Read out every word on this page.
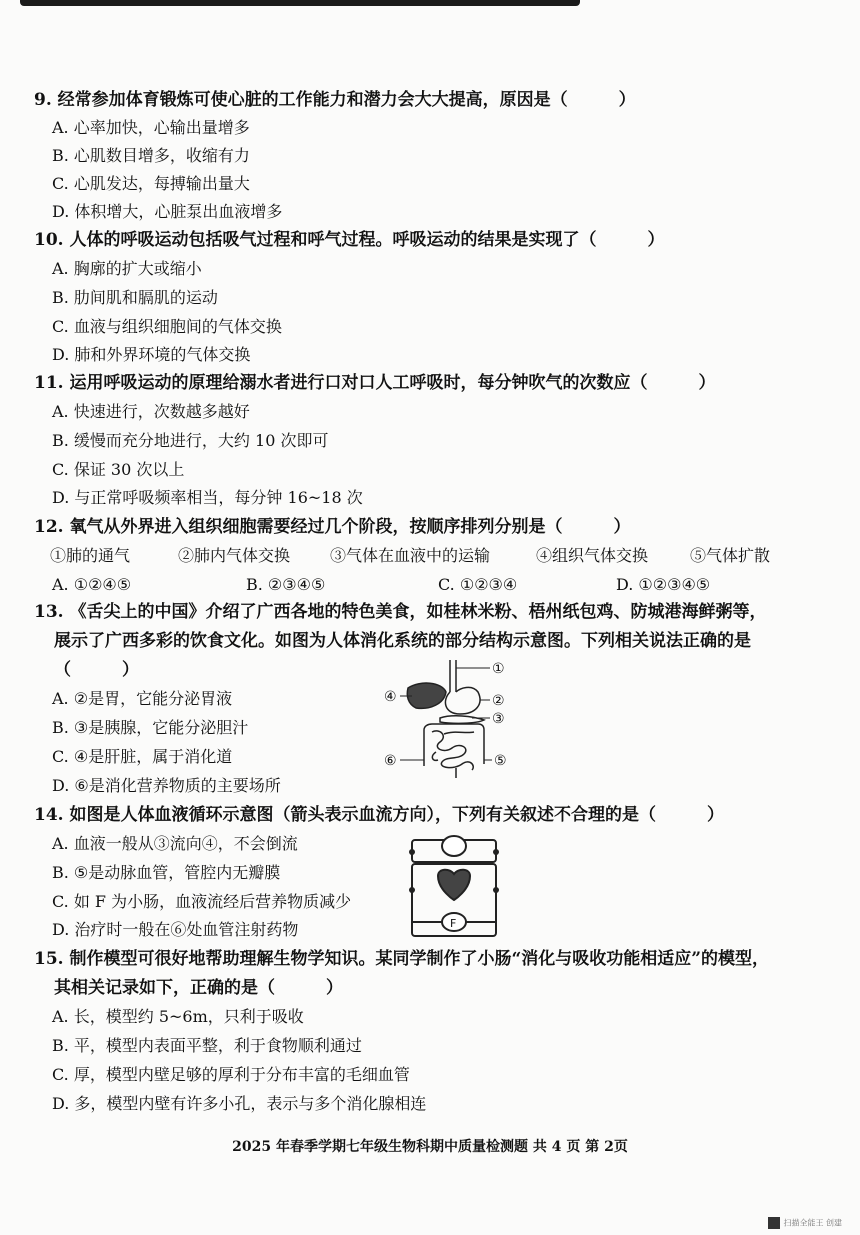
9. 经常参加体育锻炼可使心脏的工作能力和潜力会大大提高，原因是（　　　）
A. 心率加快，心输出量增多
B. 心肌数目增多，收缩有力
C. 心肌发达，每搏输出量大
D. 体积增大，心脏泵出血液增多
10. 人体的呼吸运动包括吸气过程和呼气过程。呼吸运动的结果是实现了（　　　）
A. 胸廓的扩大或缩小
B. 肋间肌和膈肌的运动
C. 血液与组织细胞间的气体交换
D. 肺和外界环境的气体交换
11. 运用呼吸运动的原理给溺水者进行口对口人工呼吸时，每分钟吹气的次数应（　　　）
A. 快速进行，次数越多越好
B. 缓慢而充分地进行，大约 10 次即可
C. 保证 30 次以上
D. 与正常呼吸频率相当，每分钟 16~18 次
12. 氧气从外界进入组织细胞需要经过几个阶段，按顺序排列分别是（　　　）
①肺的通气	②肺内气体交换 ③气体在血液中的运输	④组织气体交换	⑤气体扩散
A. ①②④⑤	B. ②③④⑤	C. ①②③④	D. ①②③④⑤
13. 《舌尖上的中国》介绍了广西各地的特色美食，如桂林米粉、梧州纸包鸡、防城港海鲜粥等，
展示了广西多彩的饮食文化。如图为人体消化系统的部分结构示意图。下列相关说法正确的是
（　　　）
A. ②是胃，它能分泌胃液
B. ③是胰腺，它能分泌胆汁
C. ④是肝脏，属于消化道
D. ⑥是消化营养物质的主要场所
①
②
③
④
⑤
⑥
14. 如图是人体血液循环示意图（箭头表示血流方向），下列有关叙述不合理的是（　　　）
A. 血液一般从③流向④，不会倒流
B. ⑤是动脉血管，管腔内无瓣膜
C. 如 F 为小肠，血液流经后营养物质减少
D. 治疗时一般在⑥处血管注射药物	F
15. 制作模型可很好地帮助理解生物学知识。某同学制作了小肠“消化与吸收功能相适应”的模型，
其相关记录如下，正确的是（　　　）
A. 长，模型约 5~6m，只利于吸收
B. 平，模型内表面平整，利于食物顺利通过
C. 厚，模型内壁足够的厚利于分布丰富的毛细血管
D. 多，模型内壁有许多小孔，表示与多个消化腺相连
2025 年春季学期七年级生物科期中质量检测题 共 4 页 第 2页
扫描全能王 创建
